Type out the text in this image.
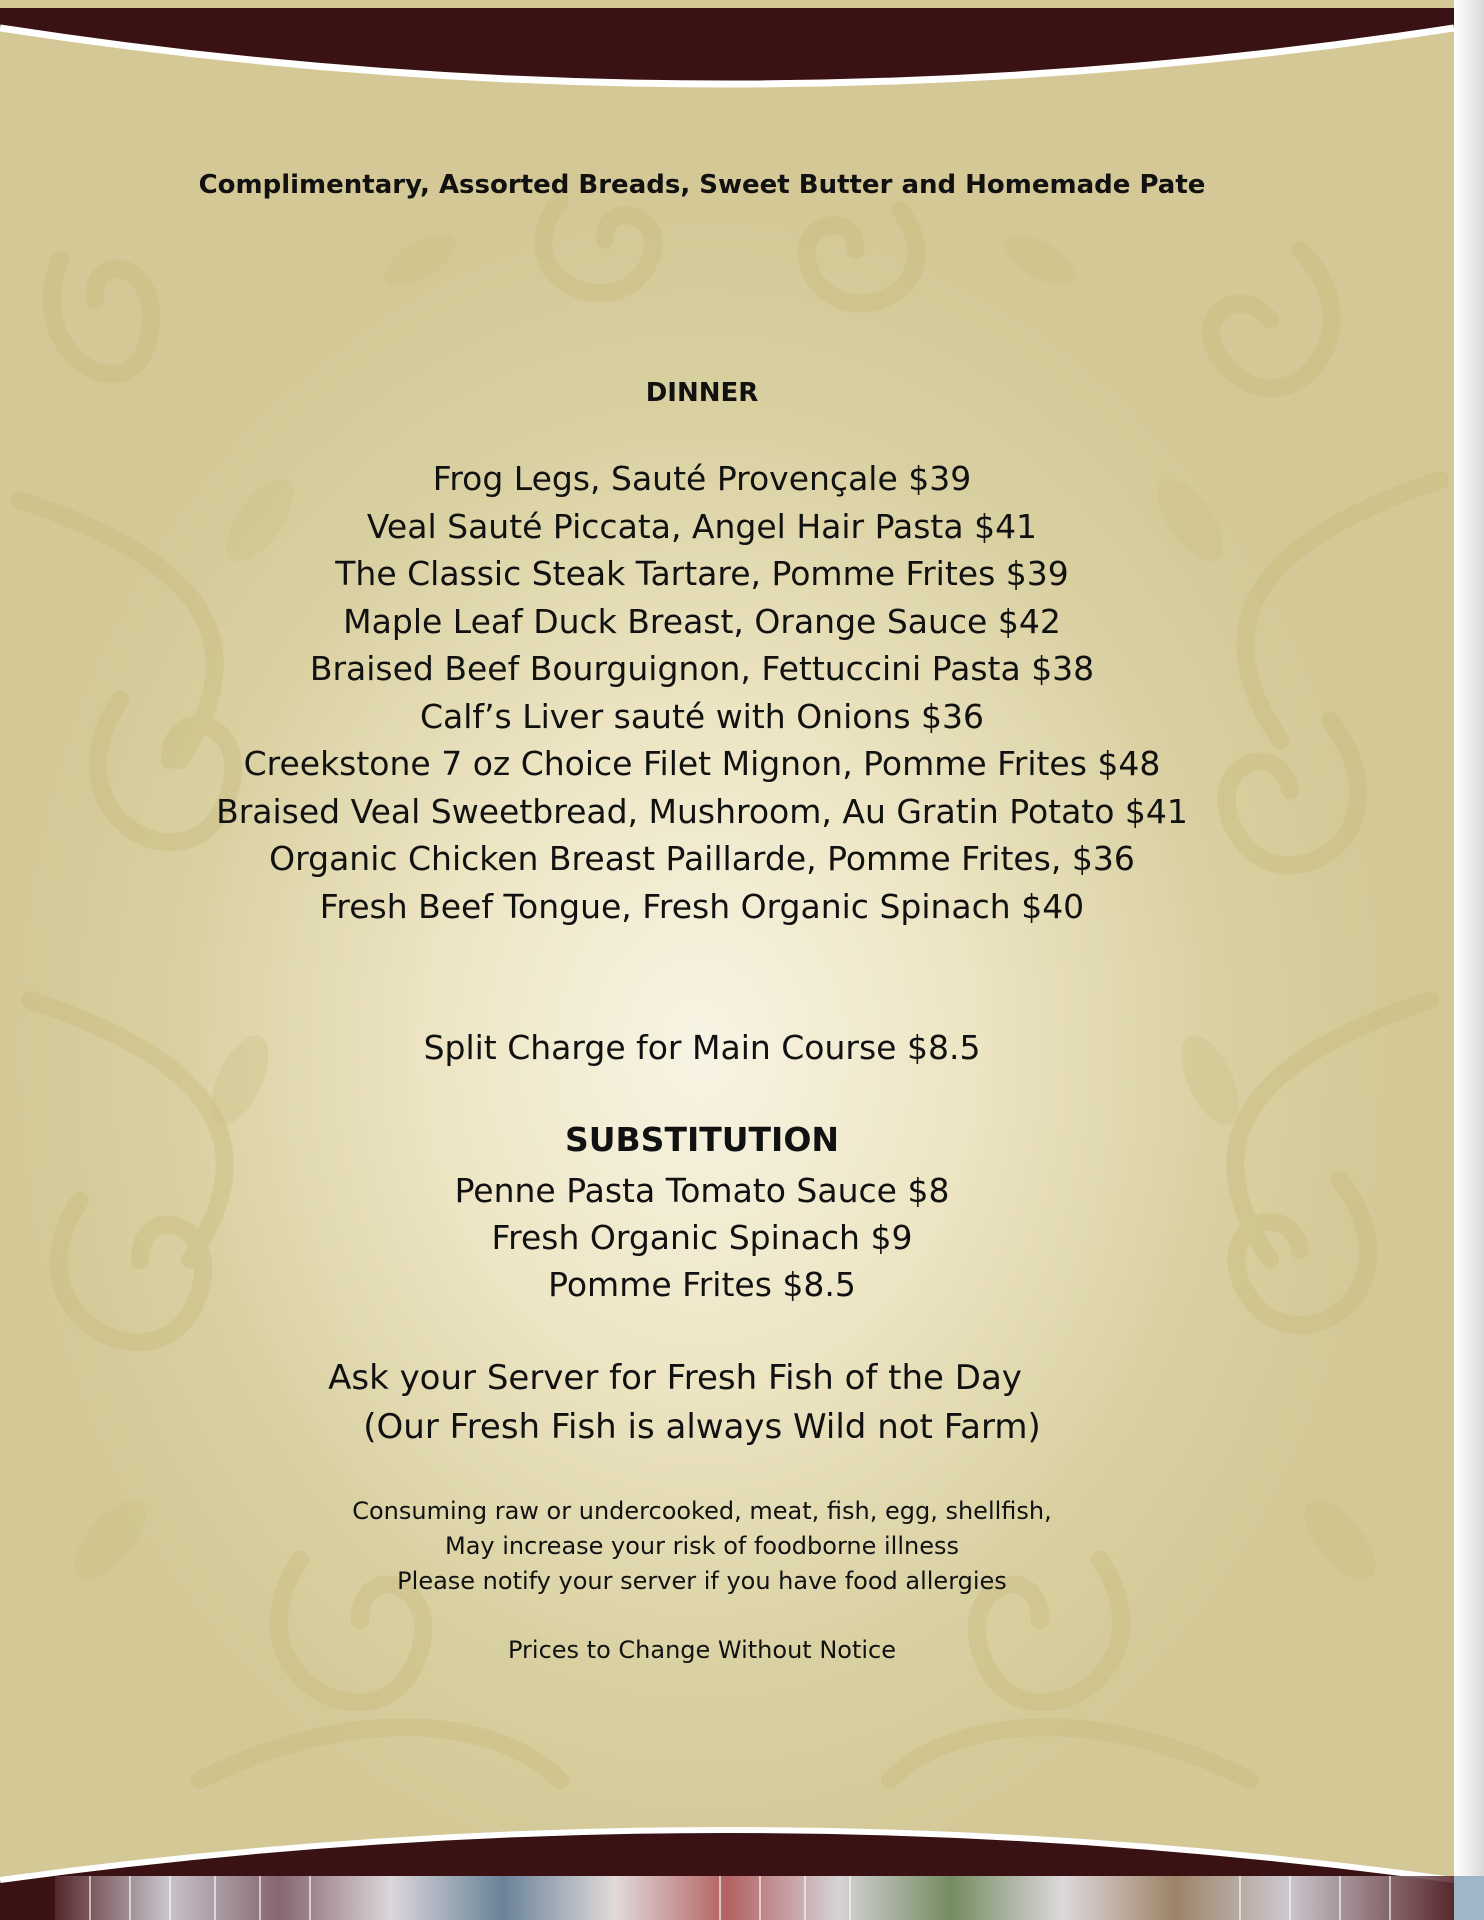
Complimentary, Assorted Breads, Sweet Butter and Homemade Pate

DINNER

Frog Legs, Sauté Provençale $39
Veal Sauté Piccata, Angel Hair Pasta $41
The Classic Steak Tartare, Pomme Frites $39
Maple Leaf Duck Breast, Orange Sauce $42
Braised Beef Bourguignon, Fettuccini Pasta $38
Calf’s Liver sauté with Onions $36
Creekstone 7 oz Choice Filet Mignon, Pomme Frites $48
Braised Veal Sweetbread, Mushroom, Au Gratin Potato $41
Organic Chicken Breast Paillarde, Pomme Frites, $36
Fresh Beef Tongue, Fresh Organic Spinach $40

Split Charge for Main Course $8.5

SUBSTITUTION

Penne Pasta Tomato Sauce $8
Fresh Organic Spinach $9
Pomme Frites $8.5

Ask your Server for Fresh Fish of the Day

(Our Fresh Fish is always Wild not Farm)

Consuming raw or undercooked, meat, fish, egg, shellfish,
May increase your risk of foodborne illness
Please notify your server if you have food allergies

Prices to Change Without Notice
